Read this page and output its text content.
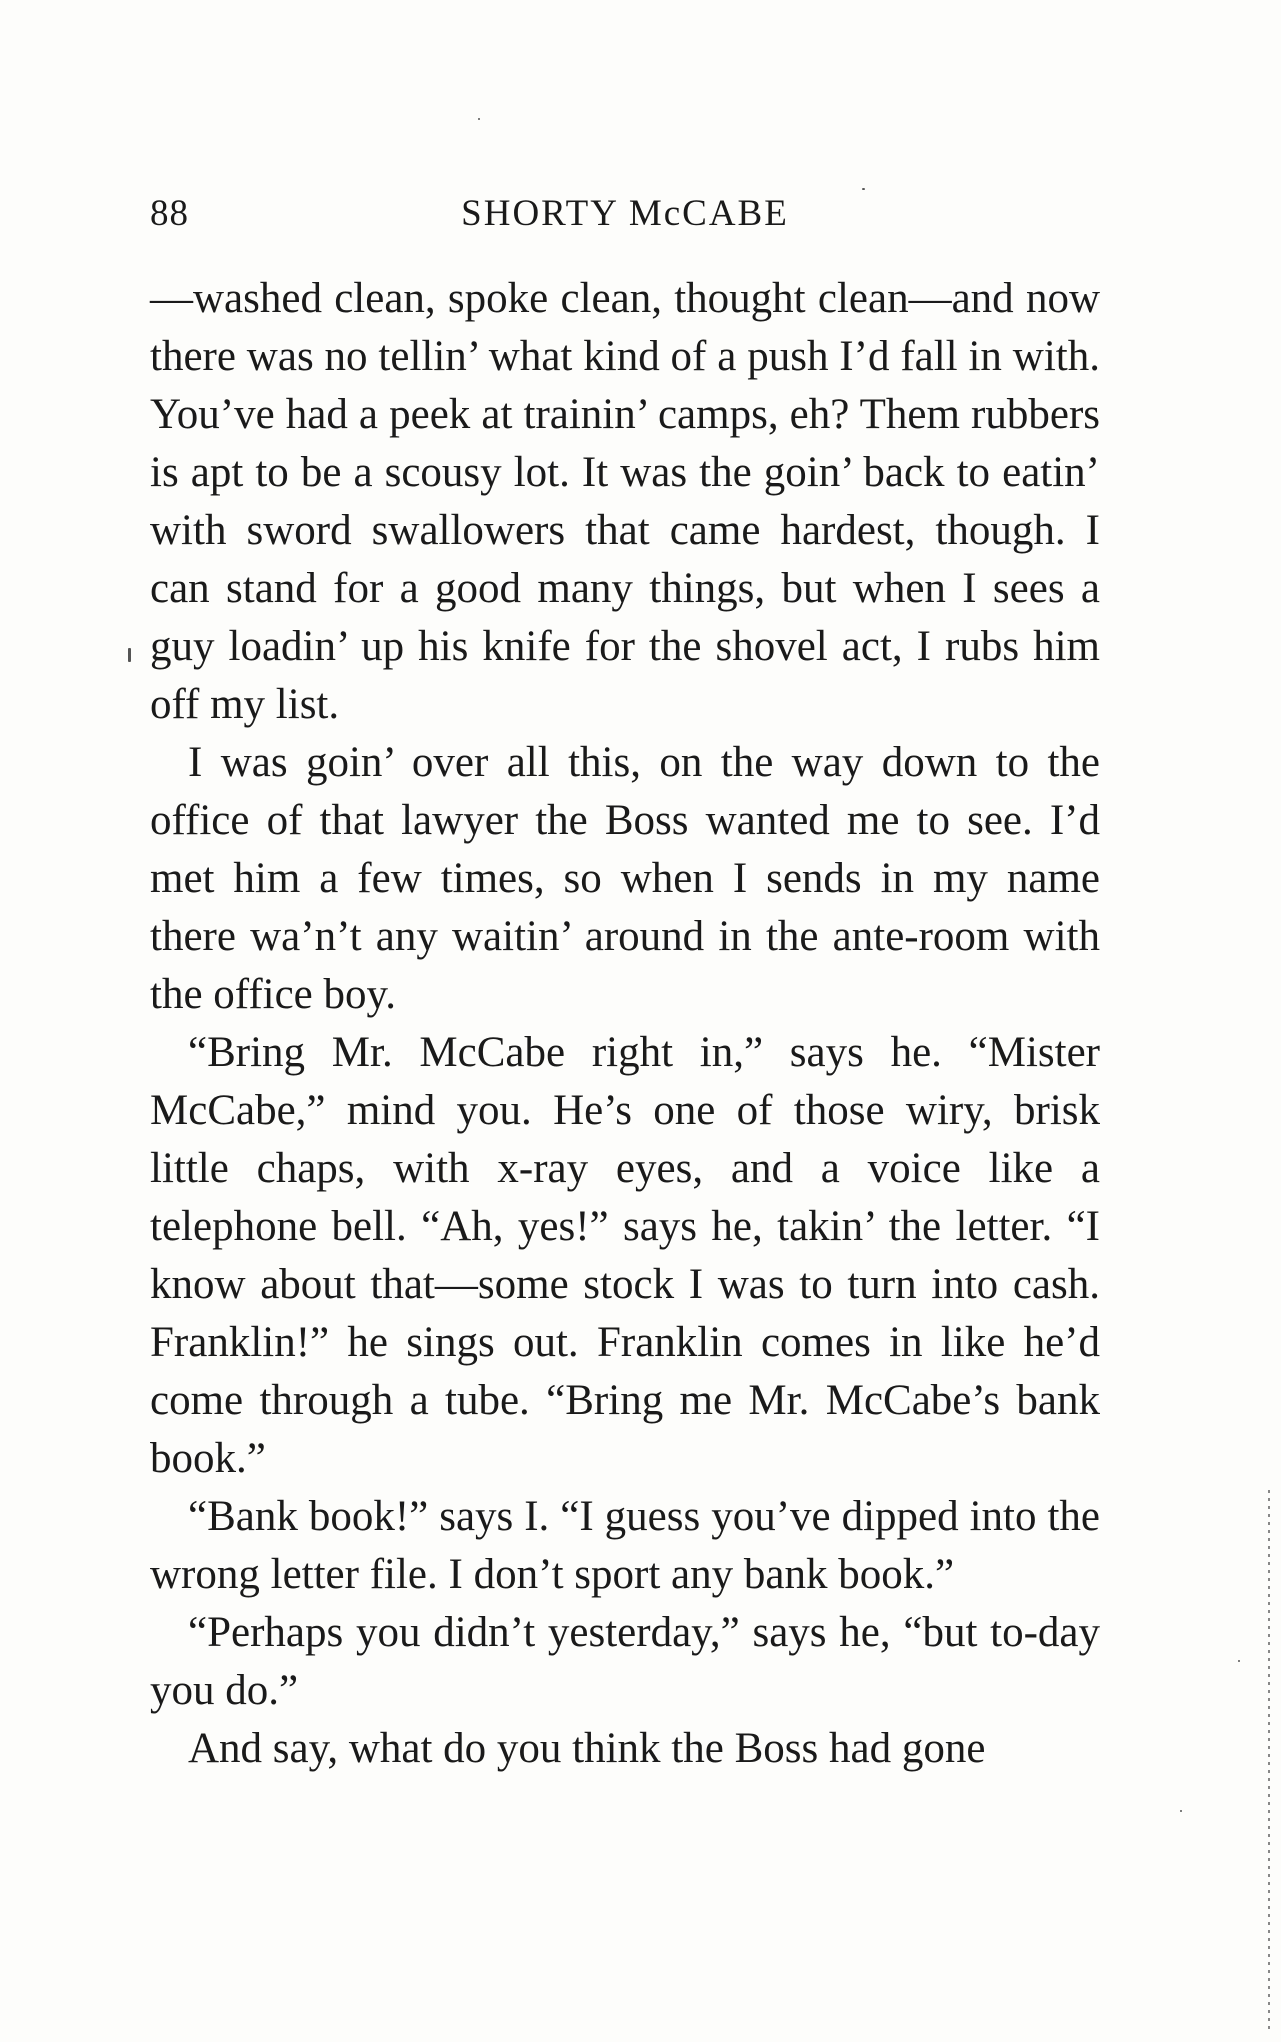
88	SHORTY McCABE

—washed clean, spoke clean, thought clean—and now there was no tellin’ what kind of a push I’d fall in with. You’ve had a peek at trainin’ camps, eh? Them rubbers is apt to be a scousy lot. It was the goin’ back to eatin’ with sword swallowers that came hardest, though. I can stand for a good many things, but when I sees a guy loadin’ up his knife for the shovel act, I rubs him off my list.

I was goin’ over all this, on the way down to the office of that lawyer the Boss wanted me to see. I’d met him a few times, so when I sends in my name there wa’n’t any waitin’ around in the ante-room with the office boy.

“Bring Mr. McCabe right in,” says he. “Mister McCabe,” mind you. He’s one of those wiry, brisk little chaps, with x-ray eyes, and a voice like a telephone bell. “Ah, yes!” says he, takin’ the letter. “I know about that—some stock I was to turn into cash. Franklin!” he sings out. Franklin comes in like he’d come through a tube. “Bring me Mr. McCabe’s bank book.”

“Bank book!” says I. “I guess you’ve dipped into the wrong letter file. I don’t sport any bank book.”

“Perhaps you didn’t yesterday,” says he, “but to-day you do.”

And say, what do you think the Boss had gone
